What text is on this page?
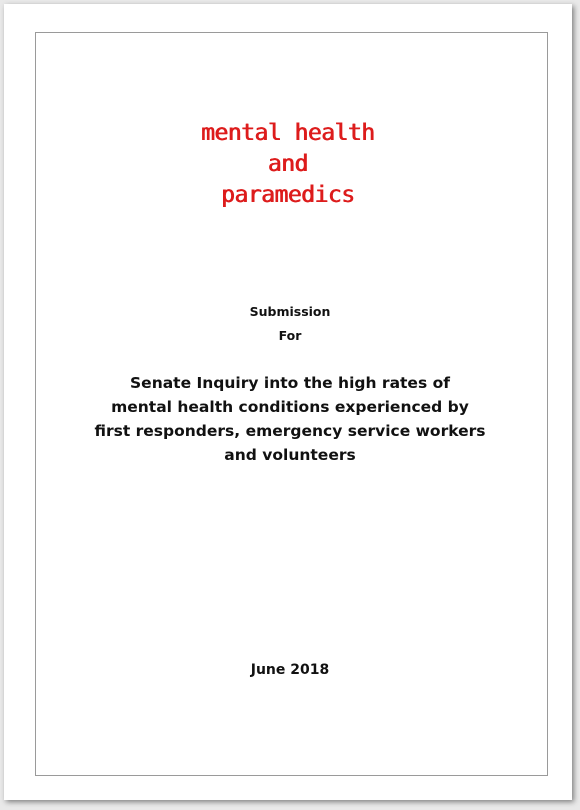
mental health
and
paramedics
Submission
For
Senate Inquiry into the high rates of
mental health conditions experienced by
first responders, emergency service workers
and volunteers
June 2018
